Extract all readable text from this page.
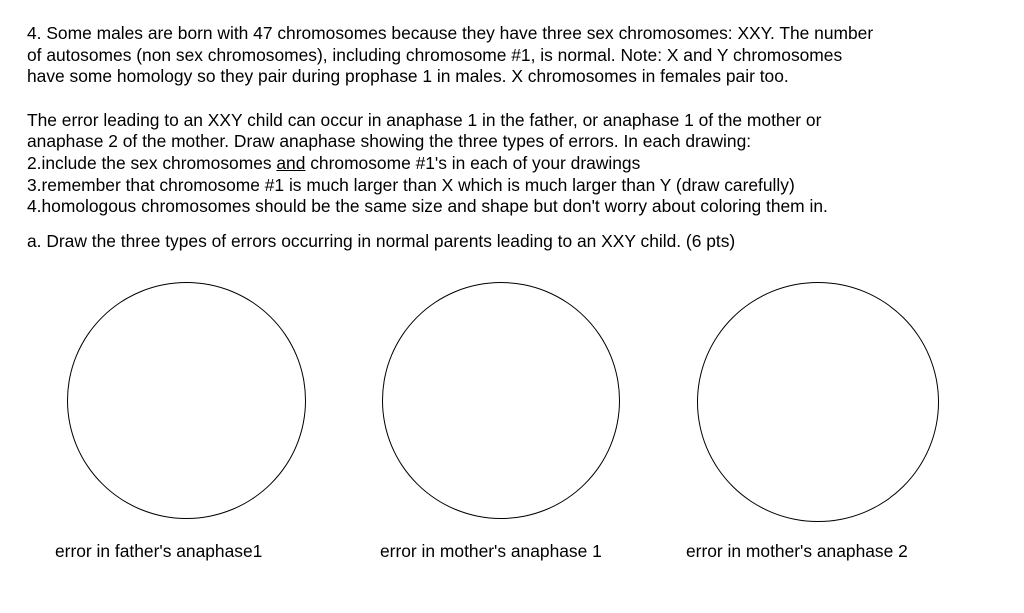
4. Some males are born with 47 chromosomes because they have three sex chromosomes: XXY. The number
of autosomes (non sex chromosomes), including chromosome #1, is normal. Note: X and Y chromosomes
have some homology so they pair during prophase 1 in males. X chromosomes in females pair too.

The error leading to an XXY child can occur in anaphase 1 in the father, or anaphase 1 of the mother or
anaphase 2 of the mother. Draw anaphase showing the three types of errors. In each drawing:
2.include the sex chromosomes and chromosome #1's in each of your drawings
3.remember that chromosome #1 is much larger than X which is much larger than Y (draw carefully)
4.homologous chromosomes should be the same size and shape but don't worry about coloring them in.

a. Draw the three types of errors occurring in normal parents leading to an XXY child. (6 pts)
error in father's anaphase1	error in mother's anaphase 1	error in mother's anaphase 2
